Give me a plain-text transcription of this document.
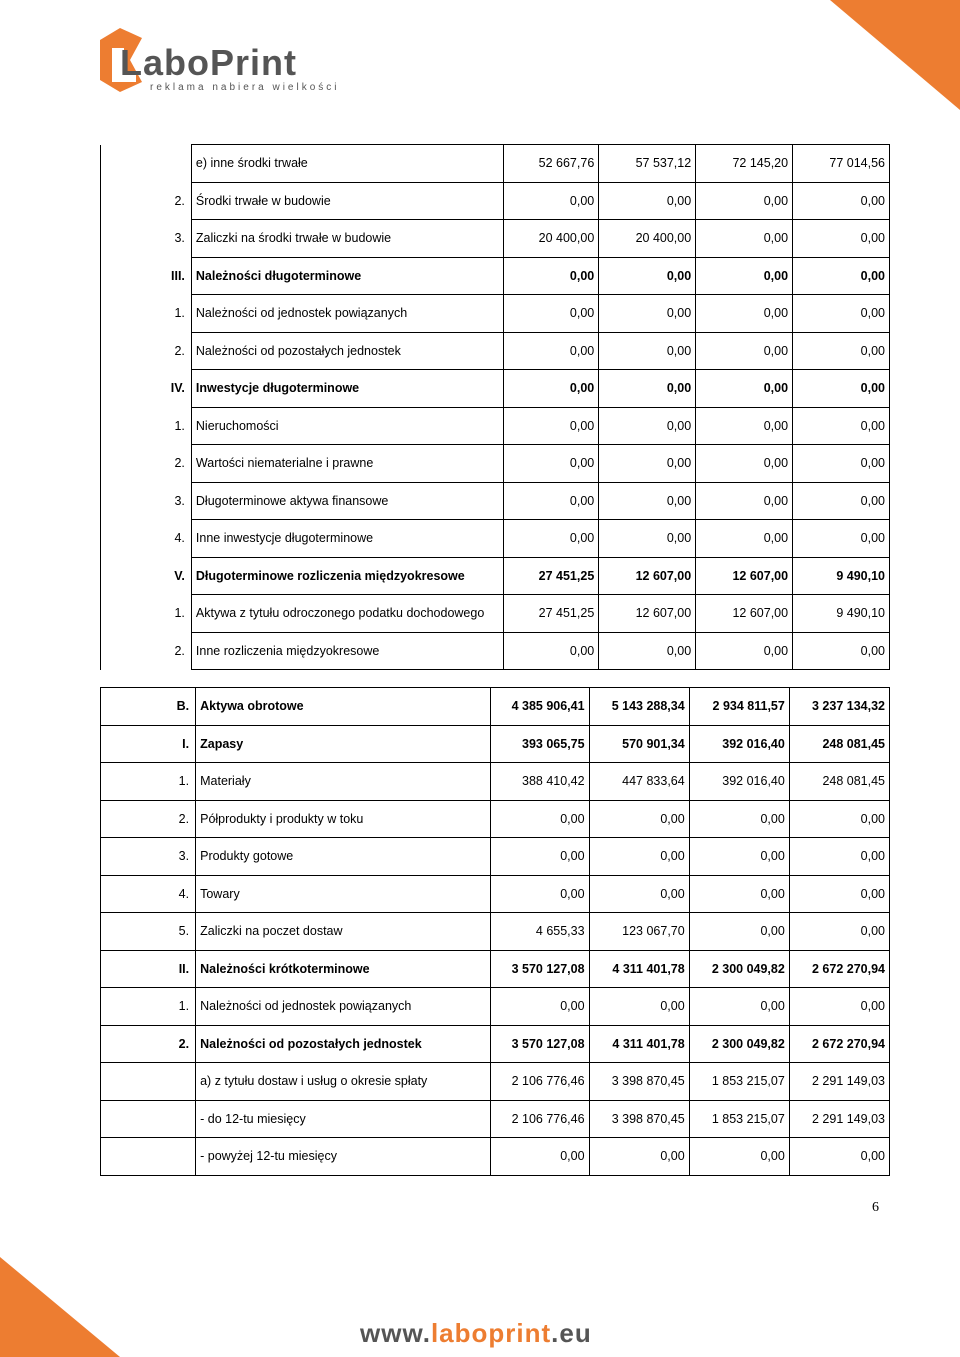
LaboPrint
reklama nabiera wielkości
	e) inne środki trwałe	52 667,76	57 537,12	72 145,20	77 014,56
2.	Środki trwałe w budowie	0,00	0,00	0,00	0,00
3.	Zaliczki na środki trwałe w budowie	20 400,00	20 400,00	0,00	0,00
III.	Należności długoterminowe	0,00	0,00	0,00	0,00
1.	Należności od jednostek powiązanych	0,00	0,00	0,00	0,00
2.	Należności od pozostałych jednostek	0,00	0,00	0,00	0,00
IV.	Inwestycje długoterminowe	0,00	0,00	0,00	0,00
1.	Nieruchomości	0,00	0,00	0,00	0,00
2.	Wartości niematerialne i prawne	0,00	0,00	0,00	0,00
3.	Długoterminowe aktywa finansowe	0,00	0,00	0,00	0,00
4.	Inne inwestycje długoterminowe	0,00	0,00	0,00	0,00
V.	Długoterminowe rozliczenia międzyokresowe	27 451,25	12 607,00	12 607,00	9 490,10
1.	Aktywa z tytułu odroczonego podatku dochodowego	27 451,25	12 607,00	12 607,00	9 490,10
2.	Inne rozliczenia międzyokresowe	0,00	0,00	0,00	0,00
B.	Aktywa obrotowe	4 385 906,41	5 143 288,34	2 934 811,57	3 237 134,32
I.	Zapasy	393 065,75	570 901,34	392 016,40	248 081,45
1.	Materiały	388 410,42	447 833,64	392 016,40	248 081,45
2.	Półprodukty i produkty w toku	0,00	0,00	0,00	0,00
3.	Produkty gotowe	0,00	0,00	0,00	0,00
4.	Towary	0,00	0,00	0,00	0,00
5.	Zaliczki na poczet dostaw	4 655,33	123 067,70	0,00	0,00
II.	Należności krótkoterminowe	3 570 127,08	4 311 401,78	2 300 049,82	2 672 270,94
1.	Należności od jednostek powiązanych	0,00	0,00	0,00	0,00
2.	Należności od pozostałych jednostek	3 570 127,08	4 311 401,78	2 300 049,82	2 672 270,94
	a) z tytułu dostaw i usług o okresie spłaty	2 106 776,46	3 398 870,45	1 853 215,07	2 291 149,03
	- do 12-tu miesięcy	2 106 776,46	3 398 870,45	1 853 215,07	2 291 149,03
	- powyżej 12-tu miesięcy	0,00	0,00	0,00	0,00
6
www.laboprint.eu
